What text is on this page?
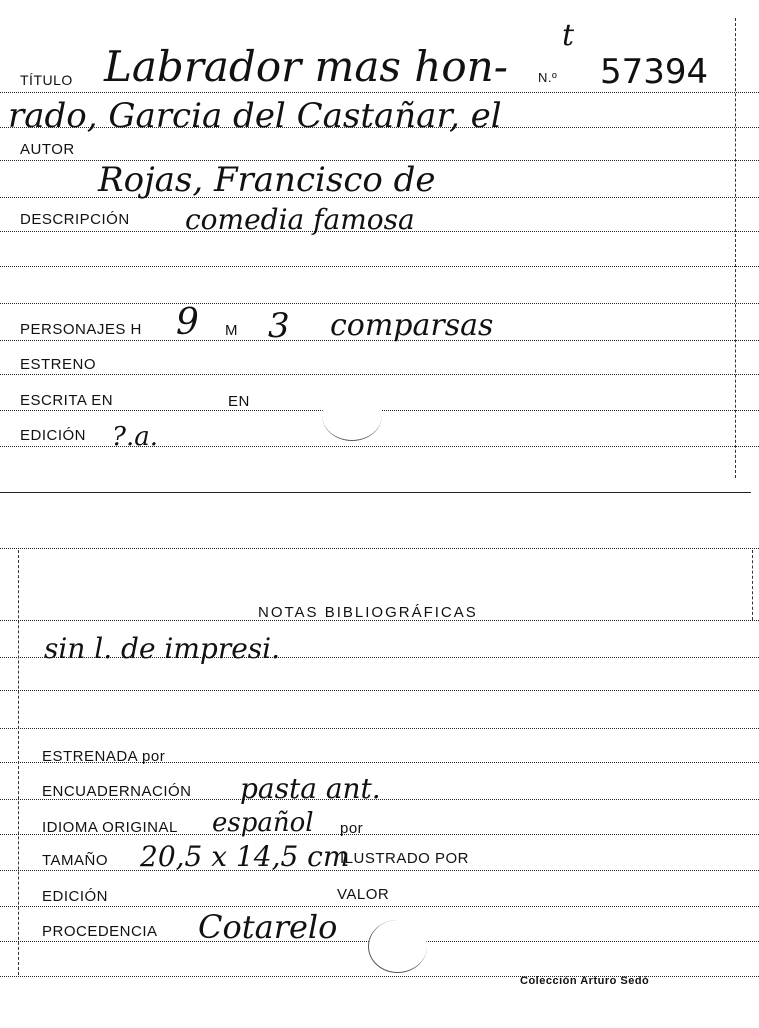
TÍTULO Labrador mas hon- N.º
t
57394
rado, Garcia del Castañar, el
AUTOR
Rojas, Francisco de
DESCRIPCIÓN comedia famosa
PERSONAJES H 9 M 3 comparsas
ESTRENO
ESCRITA EN	EN
EDICIÓN ?.a.
NOTAS BIBLIOGRÁFICAS
sin l. de impresi.
ESTRENADA por
ENCUADERNACIÓN pasta ant.
IDIOMA ORIGINAL español por
TAMAÑO 20,5 x 14,5 cm
ILUSTRADO POR
EDICIÓN	VALOR
PROCEDENCIA Cotarelo
Colección Arturo Sedó
